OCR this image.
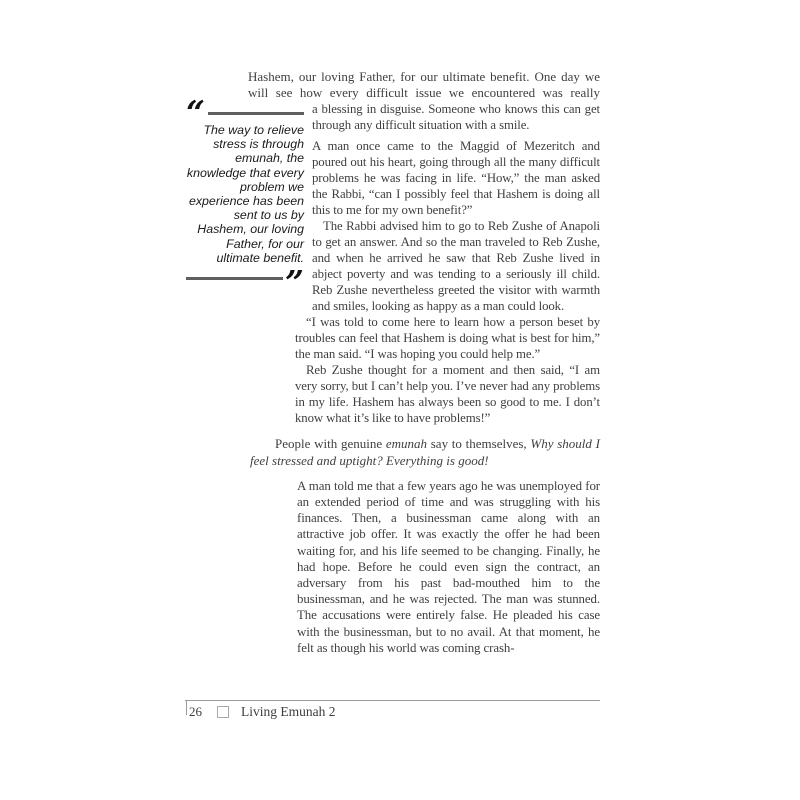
“

The way to relieve stress is through emunah, the knowledge that every problem we experience has been sent to us by Hashem, our loving Father, for our ultimate benefit.

”

Hashem, our loving Father, for our ultimate benefit. One day we will see how every difficult issue we encountered was really

a blessing in disguise. Someone who knows this can get through any difficult situation with a smile.

A man once came to the Maggid of Mezeritch and poured out his heart, going through all the many difficult problems he was facing in life. “How,” the man asked the Rabbi, “can I possibly feel that Hashem is doing all this to me for my own benefit?”

The Rabbi advised him to go to Reb Zushe of Anapoli to get an answer. And so the man traveled to Reb Zushe, and when he arrived he saw that Reb Zushe lived in abject poverty and was tending to a seriously ill child. Reb Zushe nevertheless greeted the visitor with warmth and smiles, looking as happy as a man could look.

“I was told to come here to learn how a person beset by troubles can feel that Hashem is doing what is best for him,” the man said. “I was hoping you could help me.”

Reb Zushe thought for a moment and then said, “I am very sorry, but I can’t help you. I’ve never had any problems in my life. Hashem has always been so good to me. I don’t know what it’s like to have problems!”

People with genuine emunah say to themselves, Why should I feel stressed and uptight? Everything is good!

A man told me that a few years ago he was unemployed for an extended period of time and was struggling with his finances. Then, a businessman came along with an attractive job offer. It was exactly the offer he had been waiting for, and his life seemed to be changing. Finally, he had hope. Before he could even sign the contract, an adversary from his past bad-mouthed him to the businessman, and he was rejected. The man was stunned. The accusations were entirely false. He pleaded his case with the businessman, but to no avail. At that moment, he felt as though his world was coming crash-

26	Living Emunah 2
